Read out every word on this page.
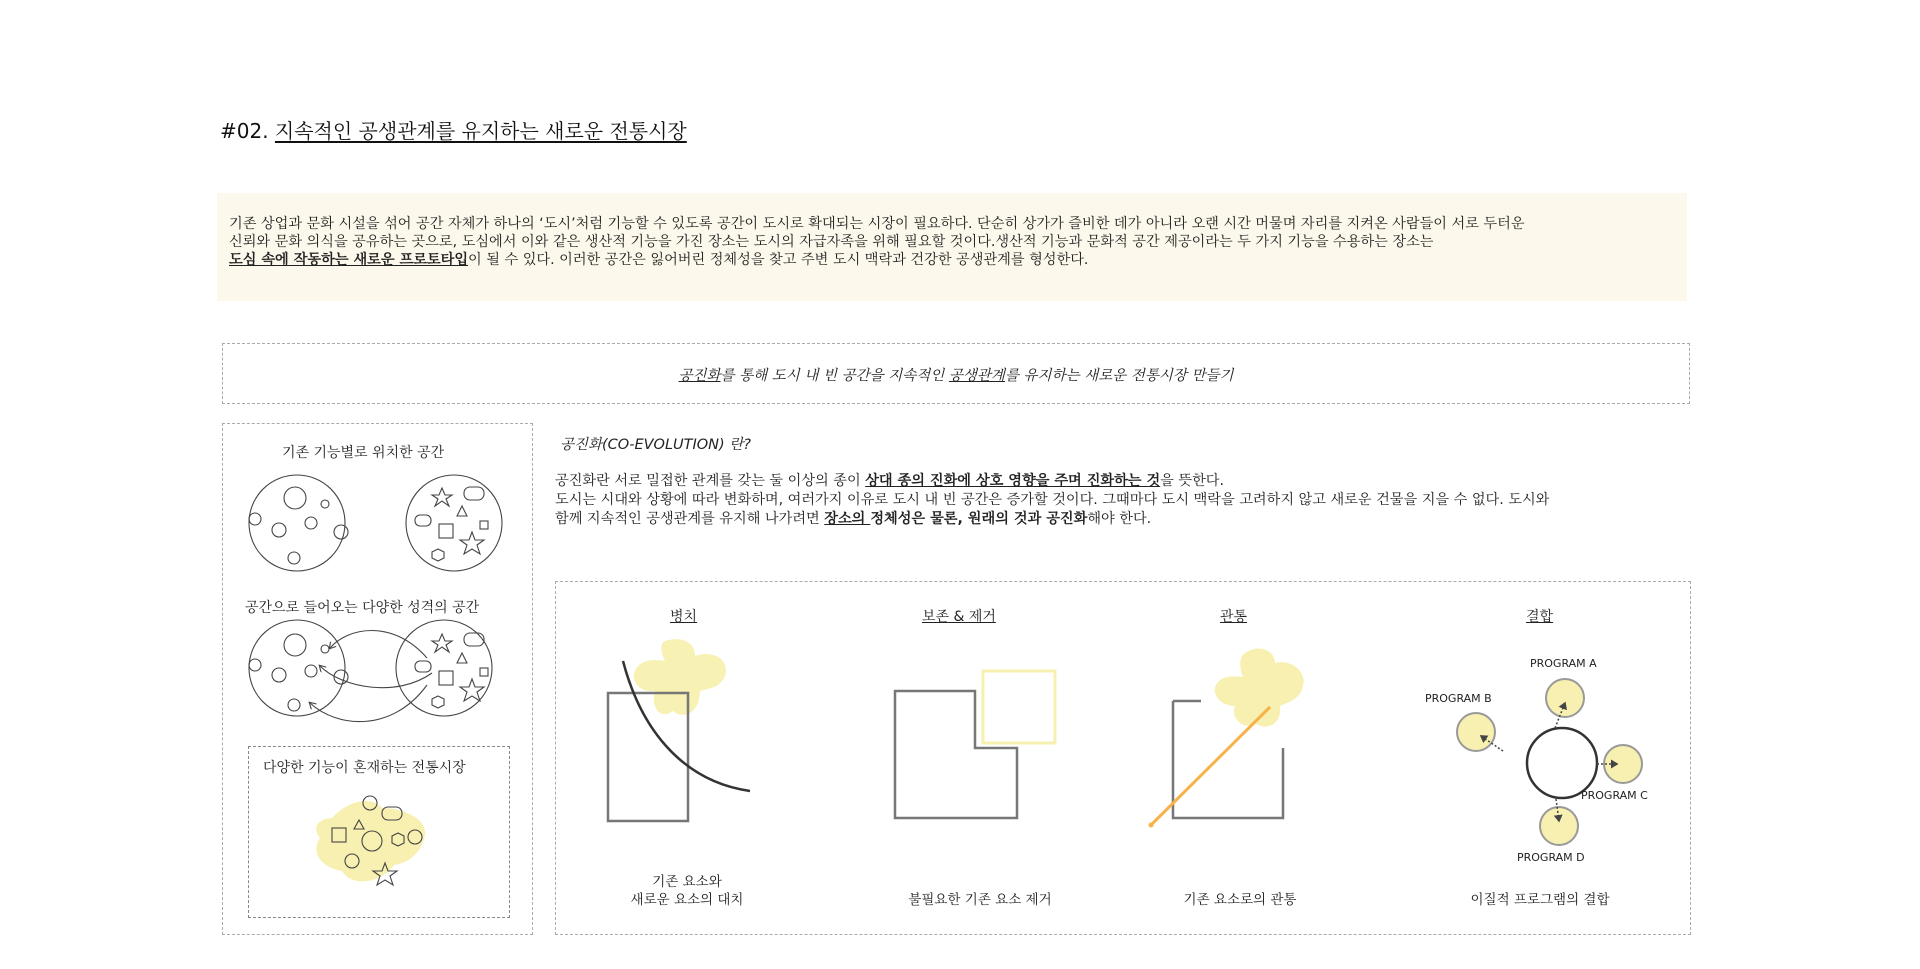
#02. 지속적인 공생관계를 유지하는 새로운 전통시장

기존 상업과 문화 시설을 섞어 공간 자체가 하나의 ‘도시’처럼 기능할 수 있도록 공간이 도시로 확대되는 시장이 필요하다. 단순히 상가가 즐비한 데가 아니라 오랜 시간 머물며 자리를 지켜온 사람들이 서로 두터운
신뢰와 문화 의식을 공유하는 곳으로, 도심에서 이와 같은 생산적 기능을 가진 장소는 도시의 자급자족을 위해 필요할 것이다.생산적 기능과 문화적 공간 제공이라는 두 가지 기능을 수용하는 장소는
도심 속에 작동하는 새로운 프로토타입이 될 수 있다. 이러한 공간은 잃어버린 정체성을 찾고 주변 도시 맥락과 건강한 공생관계를 형성한다.

공진화를 통해 도시 내 빈 공간을 지속적인 공생관계를 유지하는 새로운 전통시장 만들기
기존 기능별로 위치한 공간
공간으로 들어오는 다양한 성격의 공간
다양한 기능이 혼재하는 전통시장
공진화(CO-EVOLUTION) 란?
공진화란 서로 밀접한 관계를 갖는 둘 이상의 종이 상대 종의 진화에 상호 영향을 주며 진화하는 것을 뜻한다.
도시는 시대와 상황에 따라 변화하며, 여러가지 이유로 도시 내 빈 공간은 증가할 것이다. 그때마다 도시 맥락을 고려하지 않고 새로운 건물을 지을 수 없다. 도시와
함께 지속적인 공생관계를 유지해 나가려면 장소의 정체성은 물론, 원래의 것과 공진화해야 한다.
병치	보존 & 제거	관통	결합
기존 요소와
새로운 요소의 대치	불필요한 기존 요소 제거	기존 요소로의 관통	이질적 프로그램의 결합
PROGRAM A
PROGRAM B
PROGRAM C
PROGRAM D
